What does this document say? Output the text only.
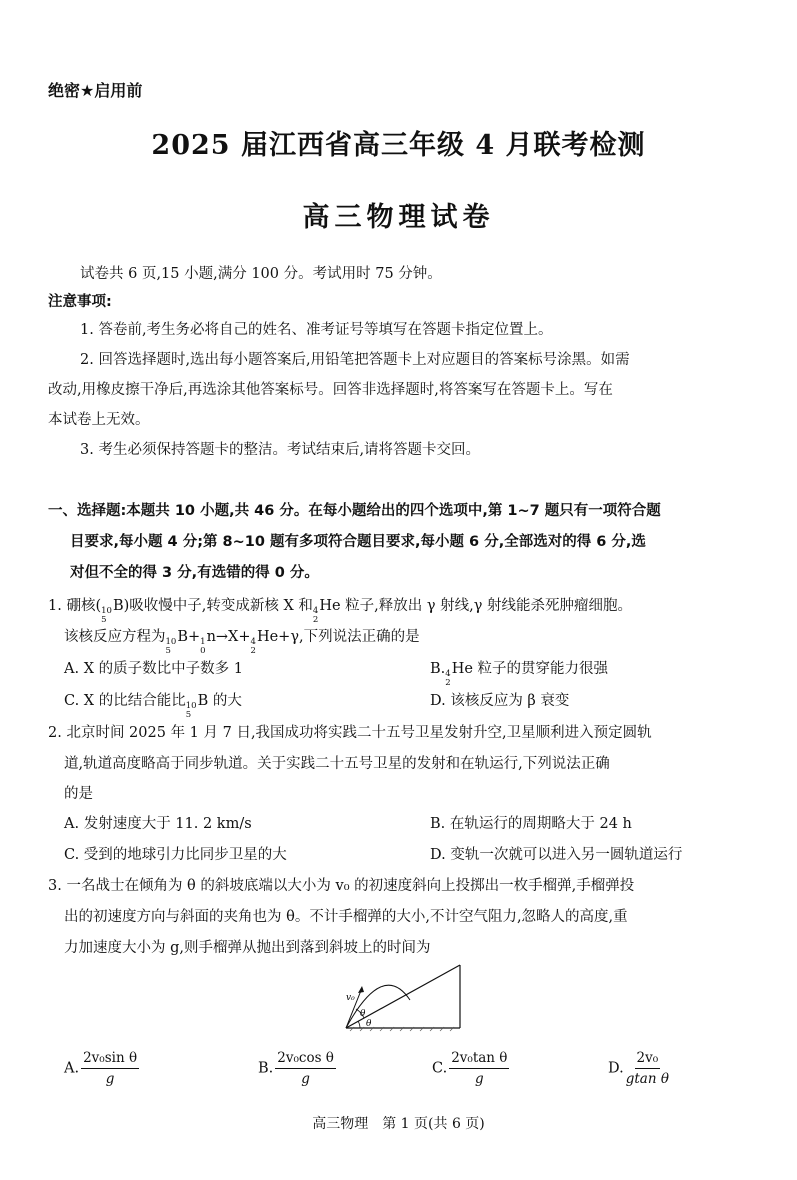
绝密★启用前
2025 届江西省高三年级 4 月联考检测
高三物理试卷
试卷共 6 页,15 小题,满分 100 分。考试用时 75 分钟。
注意事项:
1. 答卷前,考生务必将自己的姓名、准考证号等填写在答题卡指定位置上。
2. 回答选择题时,选出每小题答案后,用铅笔把答题卡上对应题目的答案标号涂黑。如需
改动,用橡皮擦干净后,再选涂其他答案标号。回答非选择题时,将答案写在答题卡上。写在
本试卷上无效。
3. 考生必须保持答题卡的整洁。考试结束后,请将答题卡交回。
一、选择题:本题共 10 小题,共 46 分。在每小题给出的四个选项中,第 1~7 题只有一项符合题
目要求,每小题 4 分;第 8~10 题有多项符合题目要求,每小题 6 分,全部选对的得 6 分,选
对但不全的得 3 分,有选错的得 0 分。
1. 硼核( 10
5
B)吸收慢中子,转变成新核 X 和 4
2
He 粒子,释放出 γ 射线,γ 射线能杀死肿瘤细胞。
该核反应方程为 10
5
B+ 1
0
n→X+ 4
2
He+γ,下列说法正确的是
A. X 的质子数比中子数多 1	B. 4
2
He 粒子的贯穿能力很强
C. X 的比结合能比 10
5
B 的大	D. 该核反应为 β 衰变
2. 北京时间 2025 年 1 月 7 日,我国成功将实践二十五号卫星发射升空,卫星顺利进入预定圆轨
道,轨道高度略高于同步轨道。关于实践二十五号卫星的发射和在轨运行,下列说法正确
的是
A. 发射速度大于 11. 2 km/s	B. 在轨运行的周期略大于 24 h
C. 受到的地球引力比同步卫星的大	D. 变轨一次就可以进入另一圆轨道运行
3. 一名战士在倾角为 θ 的斜坡底端以大小为 v₀ 的初速度斜向上投掷出一枚手榴弹,手榴弹投
出的初速度方向与斜面的夹角也为 θ。不计手榴弹的大小,不计空气阻力,忽略人的高度,重
力加速度大小为 g,则手榴弹从抛出到落到斜坡上的时间为
v₀
θ
θ
A. $\frac{\text{2v₀sin θ}}{g}$	B. $\frac{\text{2v₀cos θ}}{g}$	C. $\frac{\text{2v₀tan θ}}{g}$	D. $\frac{\text{2v₀}}{\text{gtan θ}}$
高三物理　第 1 页(共 6 页)
